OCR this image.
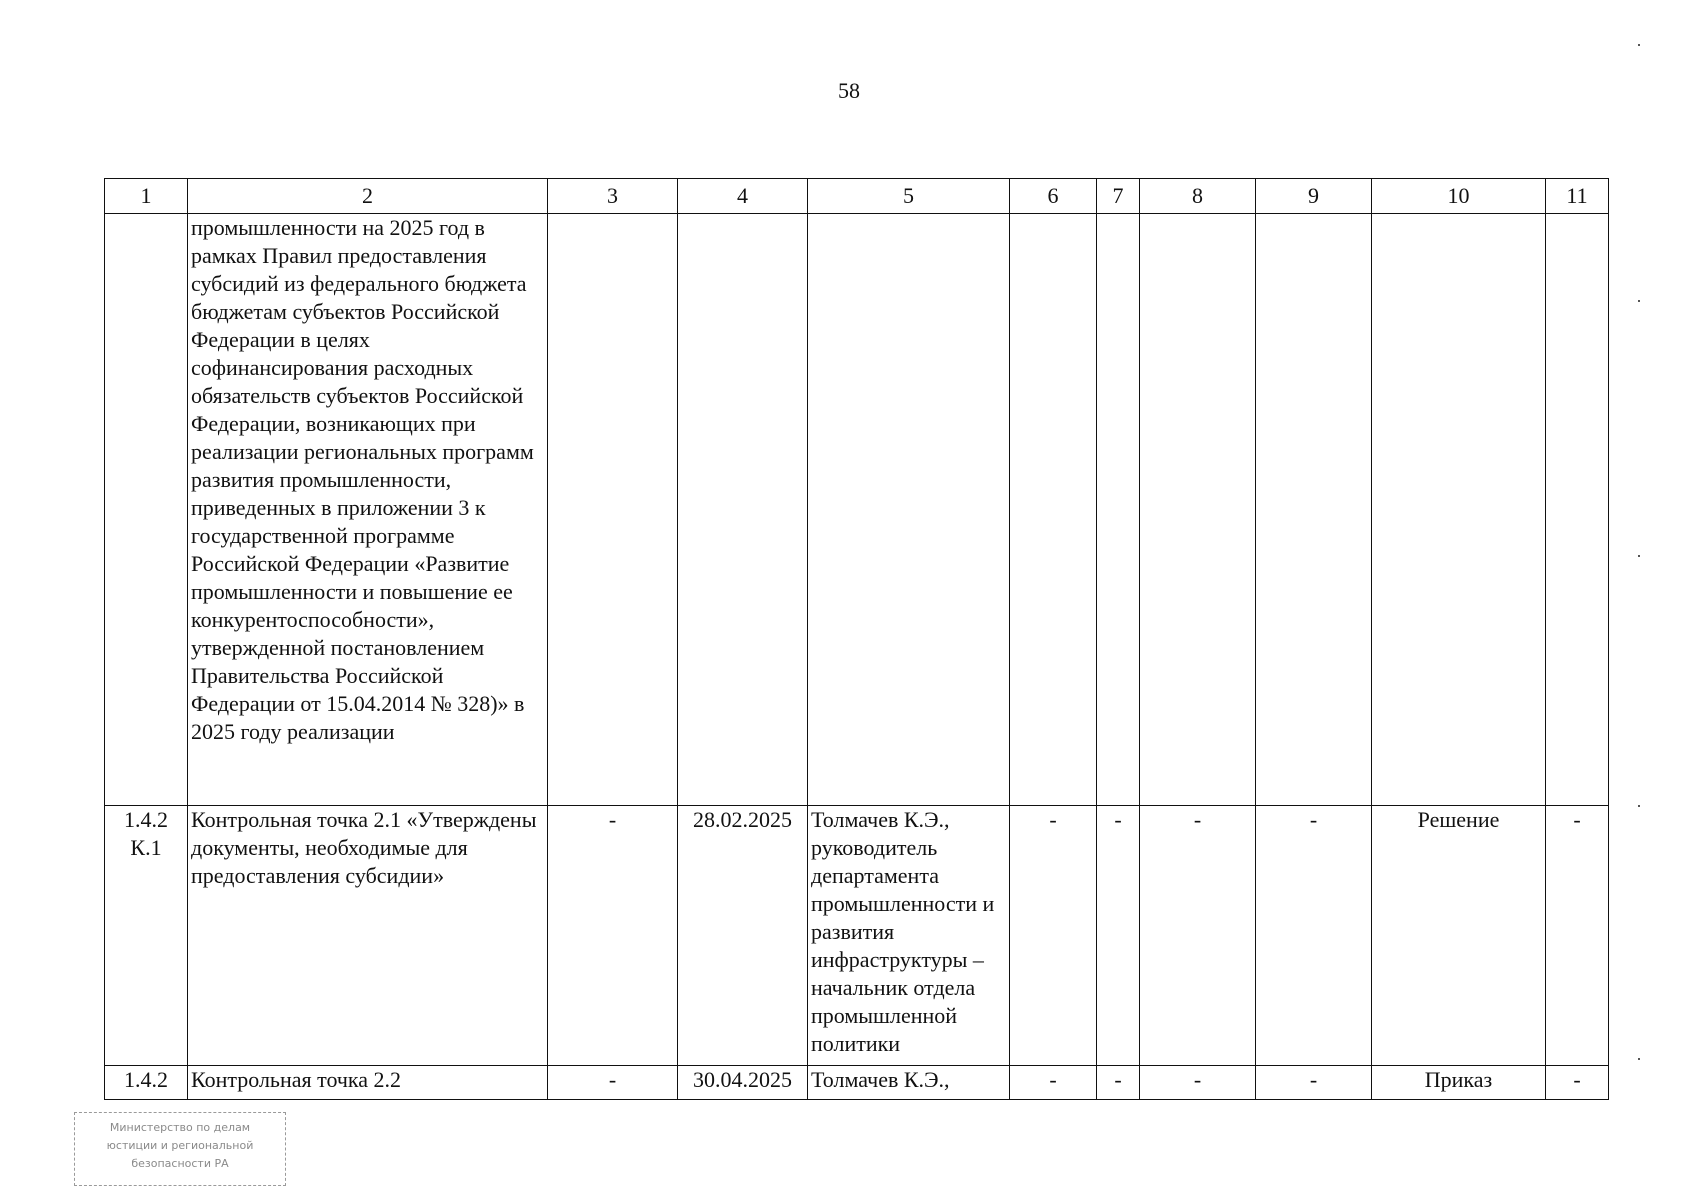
58
1	2	3	4	5	6	7	8	9	10	11
	промышленности на 2025 год в рамках Правил предоставления субсидий из федерального бюджета бюджетам субъектов Российской Федерации в целях софинансирования расходных обязательств субъектов Российской Федерации, возникающих при реализации региональных программ развития промышленности, приведенных в приложении 3 к государственной программе Российской Федерации «Развитие промышленности и повышение ее конкурентоспособности», утвержденной постановлением Правительства Российской Федерации от 15.04.2014 № 328)» в 2025 году реализации									
1.4.2 К.1	Контрольная точка 2.1 «Утверждены документы, необходимые для предоставления субсидии»	-	28.02.2025	Толмачев К.Э., руководитель департамента промышленности и развития инфраструктуры – начальник отдела промышленной политики	-	-	-	-	Решение	-
1.4.2	Контрольная точка 2.2	-	30.04.2025	Толмачев К.Э.,	-	-	-	-	Приказ	-
Министерство по делам
юстиции и региональной
безопасности РА
